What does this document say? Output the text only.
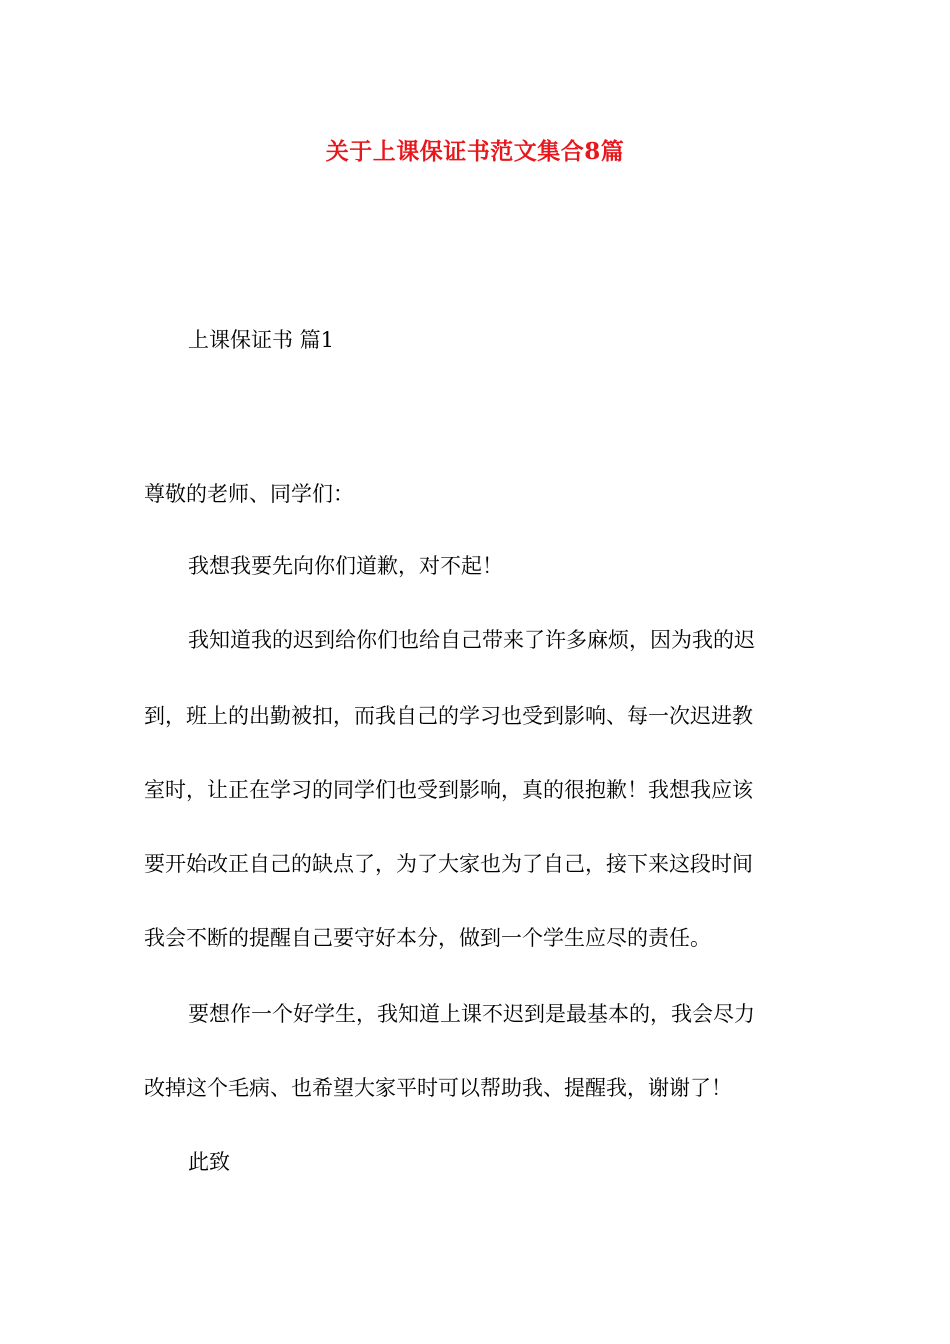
关于上课保证书范文集合8篇
上课保证书 篇1
尊敬的老师、同学们：
我想我要先向你们道歉，对不起！
我知道我的迟到给你们也给自己带来了许多麻烦，因为我的迟
到，班上的出勤被扣，而我自己的学习也受到影响、每一次迟进教
室时，让正在学习的同学们也受到影响，真的很抱歉！我想我应该
要开始改正自己的缺点了，为了大家也为了自己，接下来这段时间
我会不断的提醒自己要守好本分，做到一个学生应尽的责任。
要想作一个好学生，我知道上课不迟到是最基本的，我会尽力
改掉这个毛病、也希望大家平时可以帮助我、提醒我，谢谢了！
此致
